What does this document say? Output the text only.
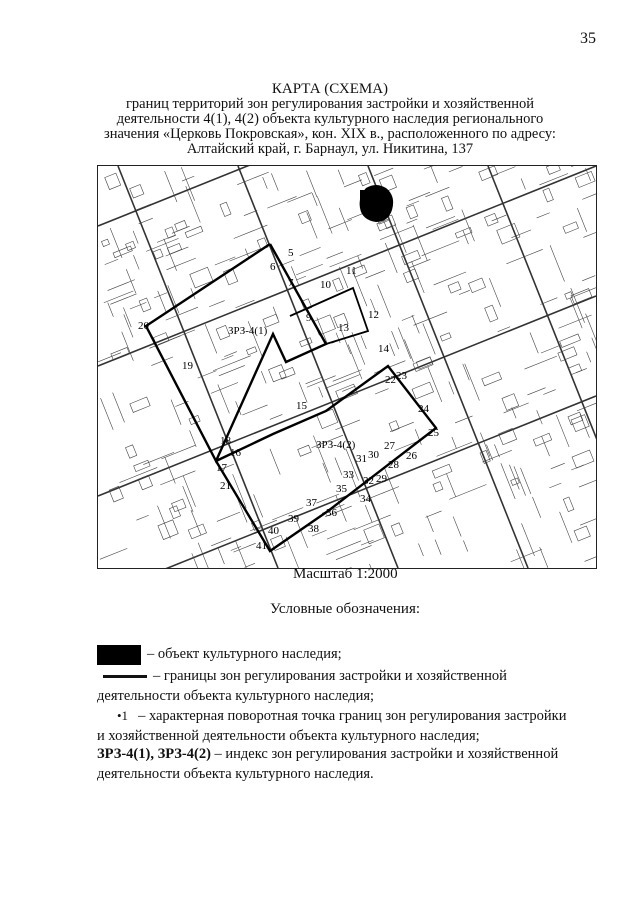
35
КАРТА (СХЕМА)
границ территорий зон регулирования застройки и хозяйственной
деятельности 4(1), 4(2) объекта культурного наследия регионального
значения «Церковь Покровская», кон. XIX в., расположенного по адресу:
Алтайский край, г. Барнаул, ул. Никитина, 137
5
6
7
9
10
11
12
13
14
15
16
17
18
19
20
21
22 23
24
25
26
27
28
29
30
31
32
33
34
35
36
37
38
39
40
41
ЗРЗ-4(1)
ЗРЗ-4(2)
Масштаб 1:2000
Условные обозначения:
– объект культурного наследия;
– границы зон регулирования застройки и хозяйственной
деятельности объекта культурного наследия;
•1 – характерная поворотная точка границ зон регулирования застройки
и хозяйственной деятельности объекта культурного наследия;
ЗРЗ-4(1), ЗРЗ-4(2) – индекс зон регулирования застройки и хозяйственной
деятельности объекта культурного наследия.
